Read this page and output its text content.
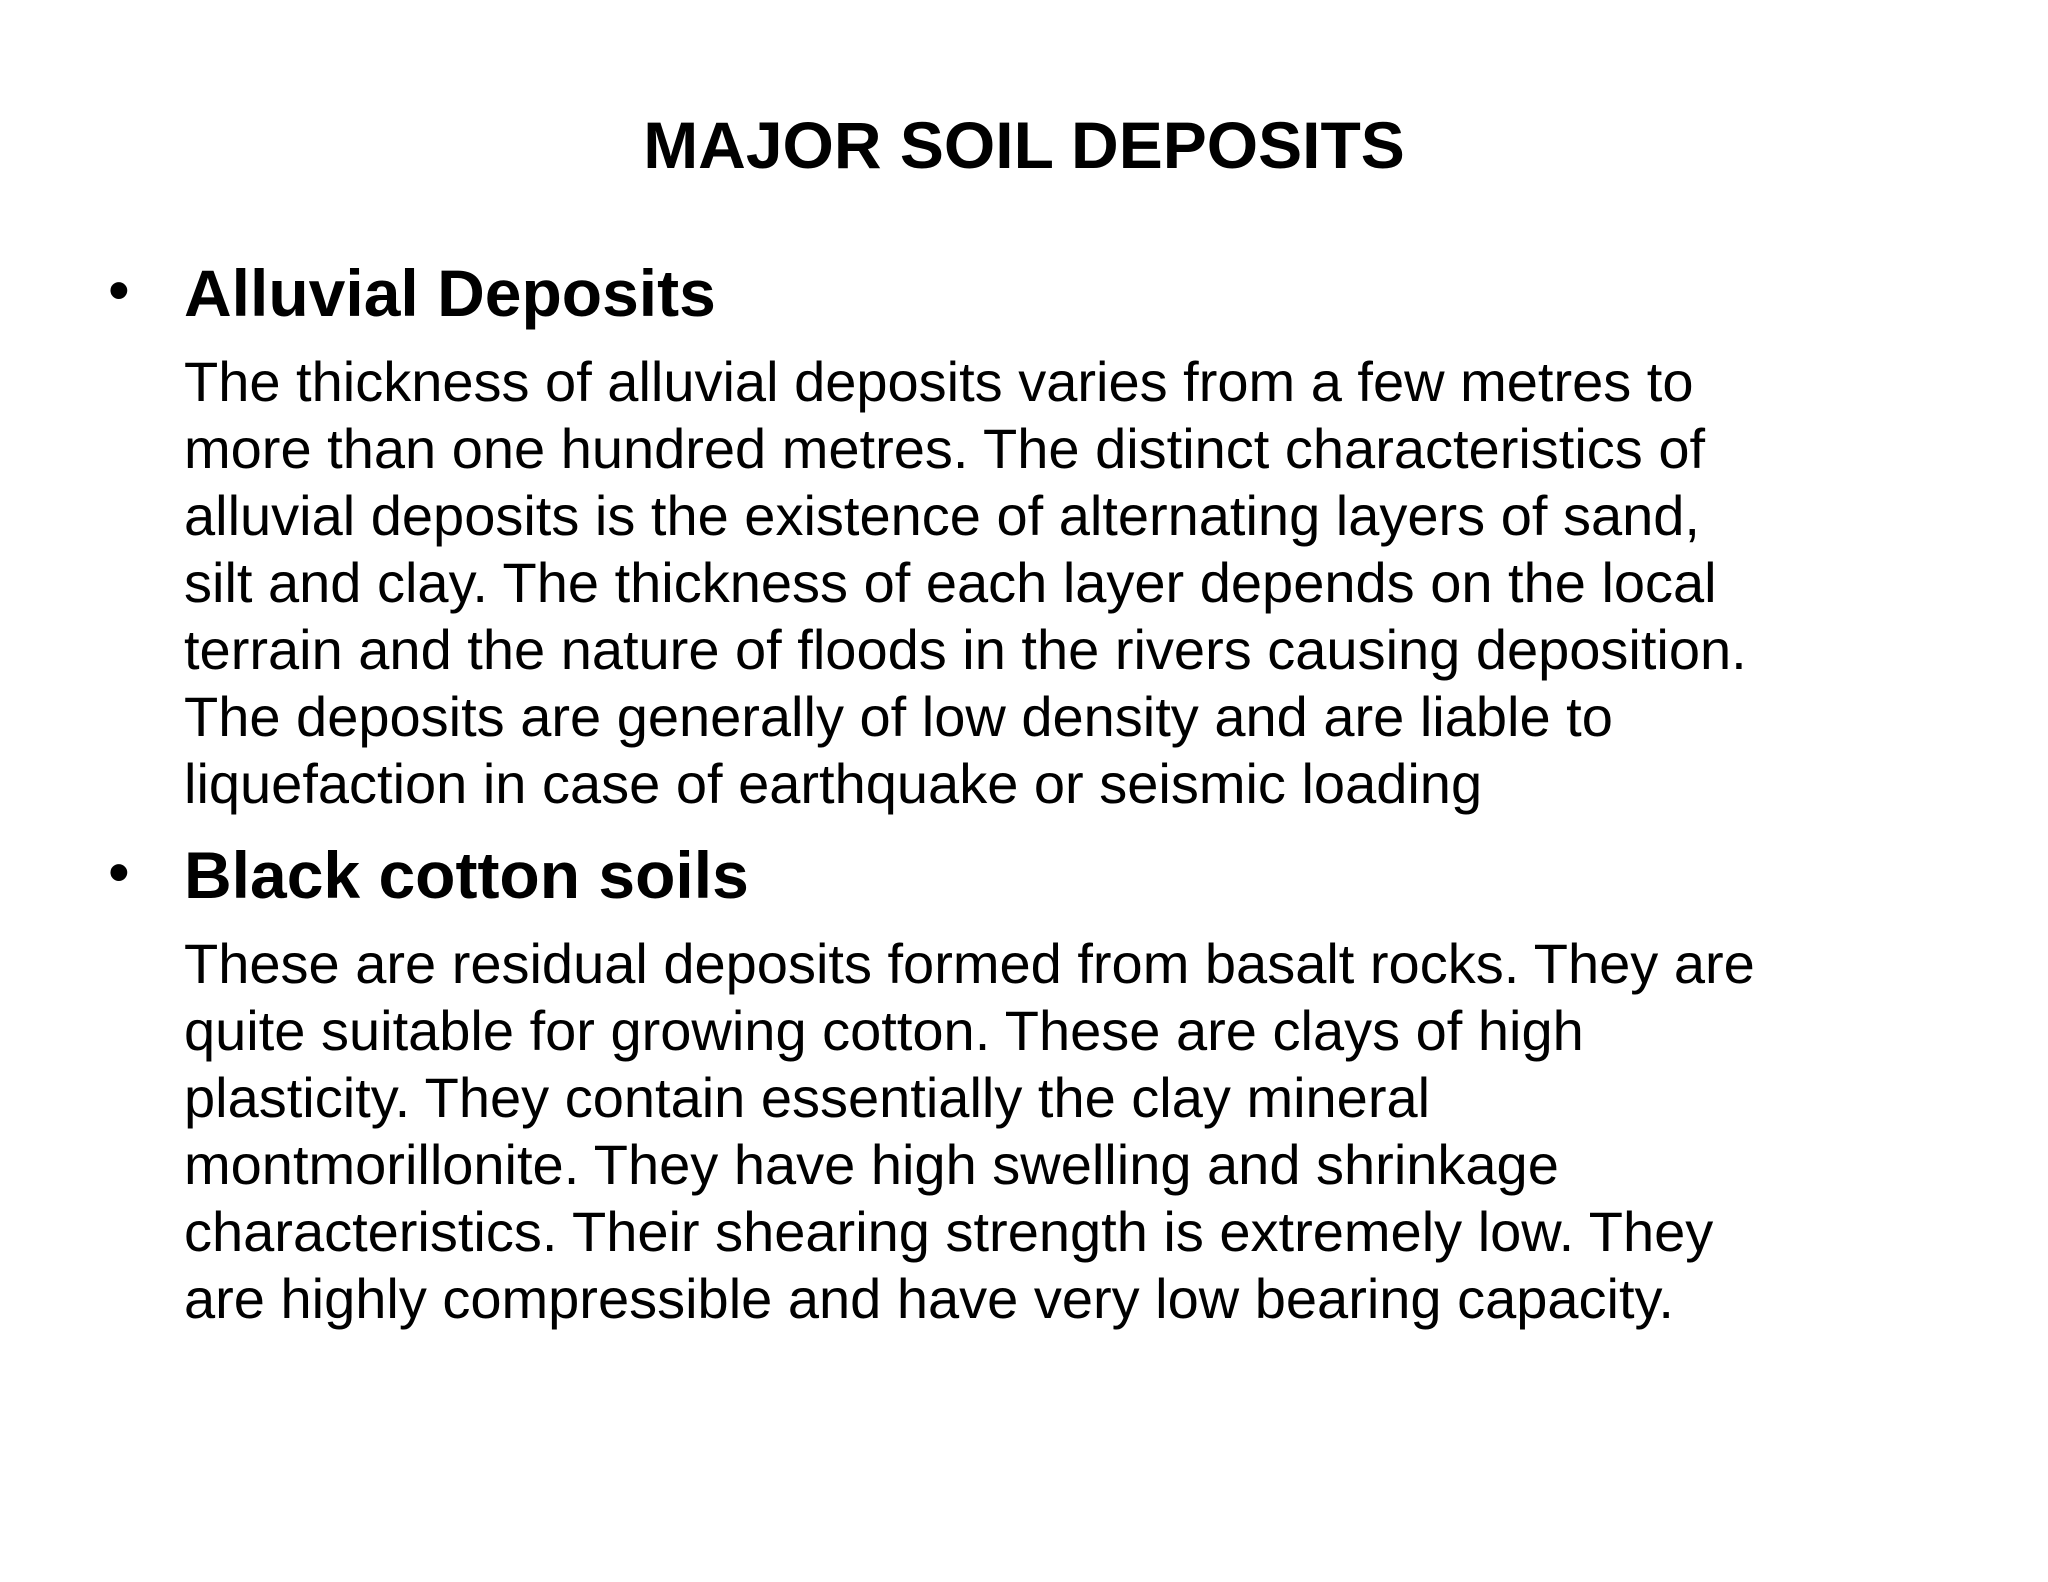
MAJOR SOIL DEPOSITS
• Alluvial Deposits

The thickness of alluvial deposits varies from a few metres to
more than one hundred metres. The distinct characteristics of
alluvial deposits is the existence of alternating layers of sand,
silt and clay. The thickness of each layer depends on the local
terrain and the nature of floods in the rivers causing deposition.
The deposits are generally of low density and are liable to
liquefaction in case of earthquake or seismic loading

• Black cotton soils

These are residual deposits formed from basalt rocks. They are
quite suitable for growing cotton. These are clays of high
plasticity. They contain essentially the clay mineral
montmorillonite. They have high swelling and shrinkage
characteristics. Their shearing strength is extremely low. They
are highly compressible and have very low bearing capacity.
